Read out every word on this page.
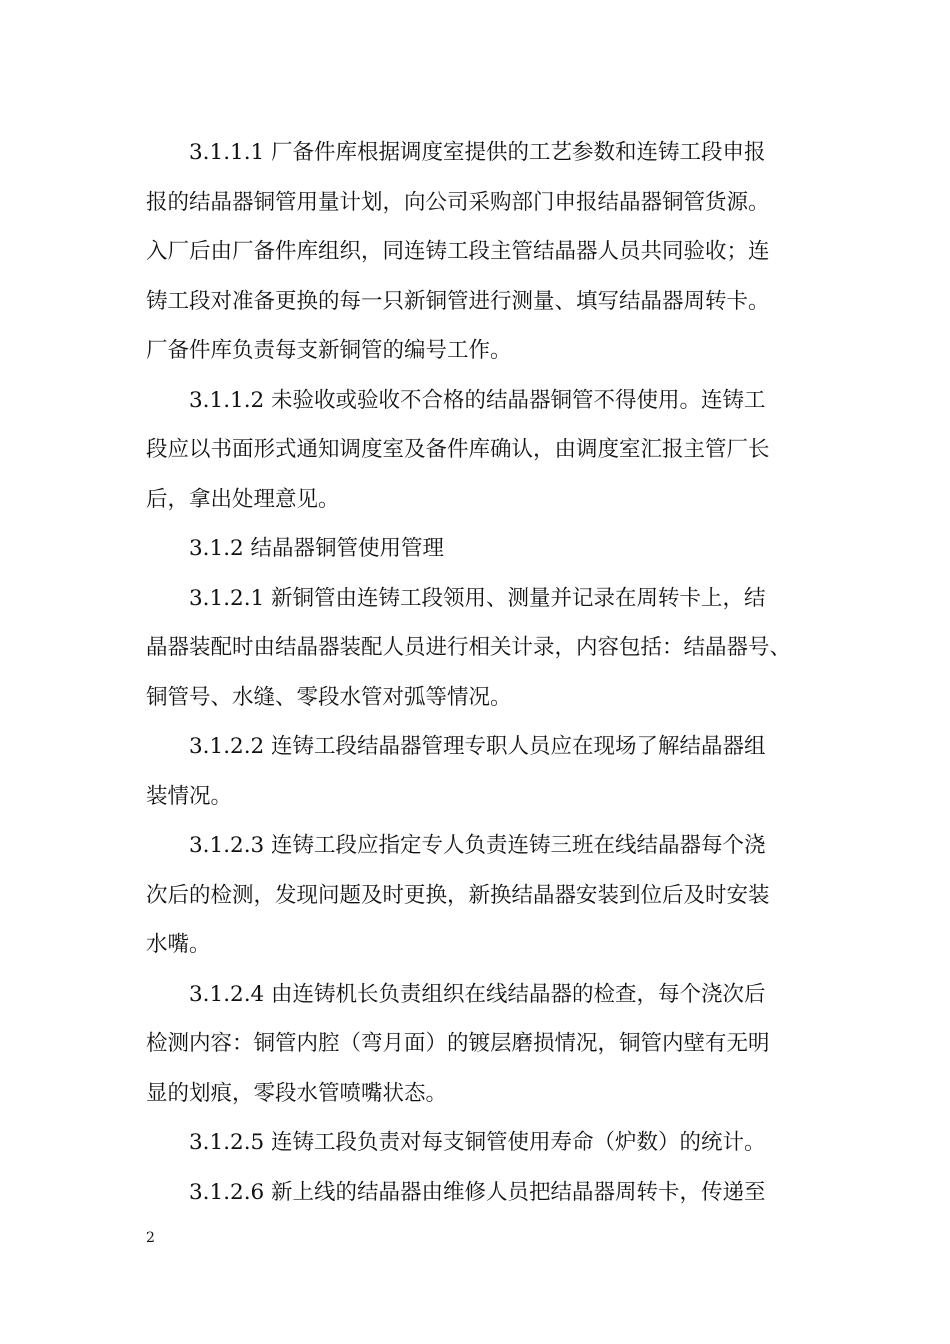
3.1.1.1 厂备件库根据调度室提供的工艺参数和连铸工段申报
报的结晶器铜管用量计划，向公司采购部门申报结晶器铜管货源。
入厂后由厂备件库组织，同连铸工段主管结晶器人员共同验收；连
铸工段对准备更换的每一只新铜管进行测量、填写结晶器周转卡。
厂备件库负责每支新铜管的编号工作。
3.1.1.2 未验收或验收不合格的结晶器铜管不得使用。连铸工
段应以书面形式通知调度室及备件库确认，由调度室汇报主管厂长
后，拿出处理意见。
3.1.2 结晶器铜管使用管理
3.1.2.1 新铜管由连铸工段领用、测量并记录在周转卡上，结
晶器装配时由结晶器装配人员进行相关计录，内容包括：结晶器号、
铜管号、水缝、零段水管对弧等情况。
3.1.2.2 连铸工段结晶器管理专职人员应在现场了解结晶器组
装情况。
3.1.2.3 连铸工段应指定专人负责连铸三班在线结晶器每个浇
次后的检测，发现问题及时更换，新换结晶器安装到位后及时安装
水嘴。
3.1.2.4 由连铸机长负责组织在线结晶器的检查，每个浇次后
检测内容：铜管内腔（弯月面）的镀层磨损情况，铜管内壁有无明
显的划痕，零段水管喷嘴状态。
3.1.2.5 连铸工段负责对每支铜管使用寿命（炉数）的统计。
3.1.2.6 新上线的结晶器由维修人员把结晶器周转卡，传递至
2
